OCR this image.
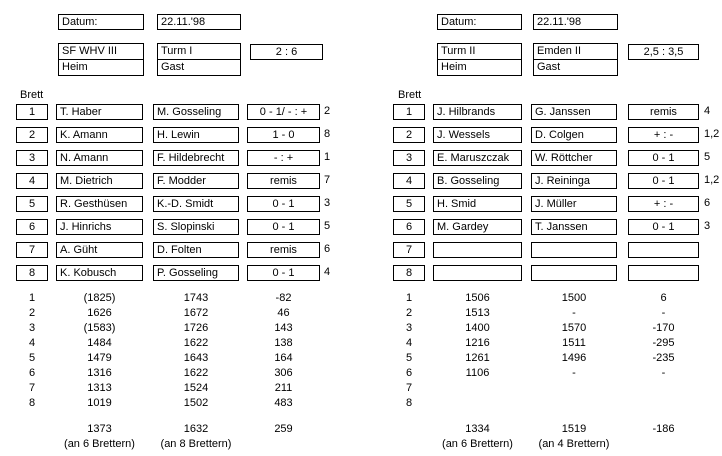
Datum:	22.11.'98
SF WHV III
Heim
Turm I
Gast
2 : 6
Brett
1	T. Haber	M. Gosseling	0 - 1/ - : +	2
2	K. Amann	H. Lewin	1 - 0	8
3	N. Amann	F. Hildebrecht	- : +	1
4	M. Dietrich	F. Modder	remis	7
5	R. Gesthüsen	K.-D. Smidt	0 - 1	3
6	J. Hinrichs	S. Slopinski	0 - 1	5
7	A. Güht	D. Folten	remis	6
8	K. Kobusch	P. Gosseling	0 - 1	4
1	(1825)	1743	-82
2	1626	1672	46
3	(1583)	1726	143
4	1484	1622	138
5	1479	1643	164
6	1316	1622	306
7	1313	1524	211
8	1019	1502	483
1373	1632	259
(an 6 Brettern)	(an 8 Brettern)
Datum:	22.11.'98
Turm II
Heim
Emden II
Gast
2,5 : 3,5
Brett
1	J. Hilbrands	G. Janssen	remis	4
2	J. Wessels	D. Colgen	+ : -	1,2
3	E. Maruszczak	W. Röttcher	0 - 1	5
4	B. Gosseling	J. Reininga	0 - 1	1,2
5	H. Smid	J. Müller	+ : -	6
6	M. Gardey	T. Janssen	0 - 1	3
7
8
1	1506	1500	6
2	1513	-	-
3	1400	1570	-170
4	1216	1511	-295
5	1261	1496	-235
6	1106	-	-
7
8
1334	1519	-186
(an 6 Brettern)	(an 4 Brettern)
